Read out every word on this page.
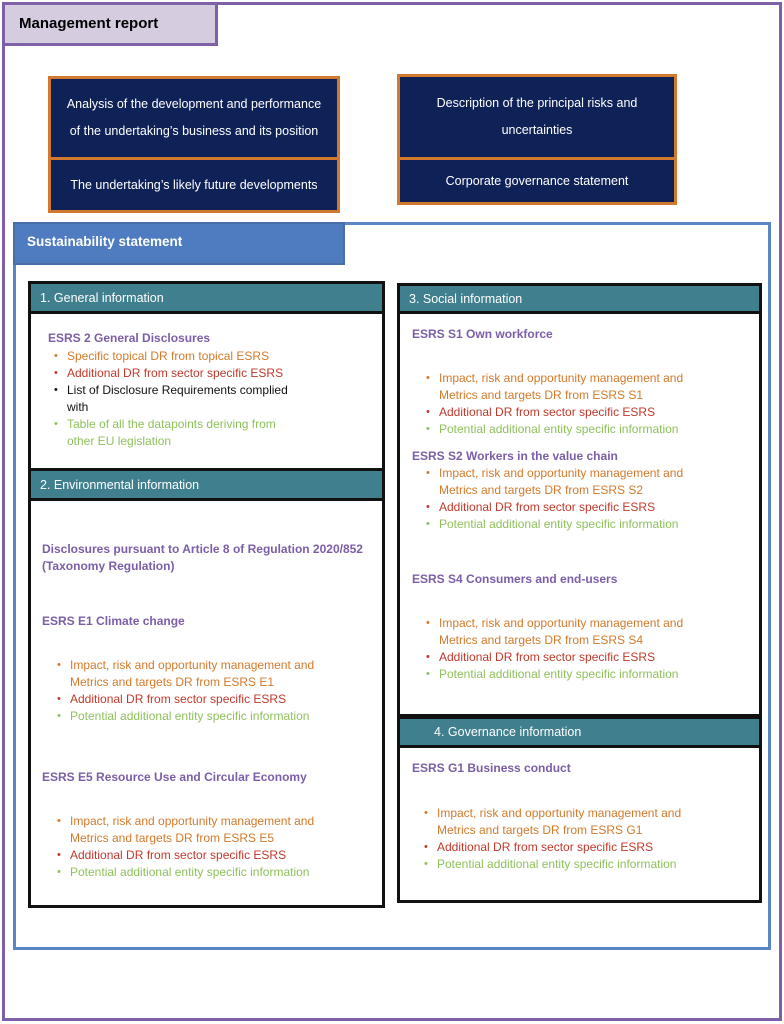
Management report
Analysis of the development and performance of the undertaking’s business and its position
The undertaking’s likely future developments
Description of the principal risks and uncertainties
Corporate governance statement
Sustainability statement
1. General information
ESRS 2 General Disclosures
• Specific topical DR from topical ESRS
• Additional DR from sector specific ESRS
• List of Disclosure Requirements complied with
• Table of all the datapoints deriving from other EU legislation
2. Environmental information
Disclosures pursuant to Article 8 of Regulation 2020/852 (Taxonomy Regulation)
ESRS E1 Climate change
• Impact, risk and opportunity management and Metrics and targets DR from ESRS E1
• Additional DR from sector specific ESRS
• Potential additional entity specific information
ESRS E5 Resource Use and Circular Economy
• Impact, risk and opportunity management and Metrics and targets DR from ESRS E5
• Additional DR from sector specific ESRS
• Potential additional entity specific information
3. Social information
ESRS S1 Own workforce
• Impact, risk and opportunity management and Metrics and targets DR from ESRS S1
• Additional DR from sector specific ESRS
• Potential additional entity specific information
ESRS S2 Workers in the value chain
• Impact, risk and opportunity management and Metrics and targets DR from ESRS S2
• Additional DR from sector specific ESRS
• Potential additional entity specific information
ESRS S4 Consumers and end-users
• Impact, risk and opportunity management and Metrics and targets DR from ESRS S4
• Additional DR from sector specific ESRS
• Potential additional entity specific information
4. Governance information
ESRS G1 Business conduct
• Impact, risk and opportunity management and Metrics and targets DR from ESRS G1
• Additional DR from sector specific ESRS
• Potential additional entity specific information
